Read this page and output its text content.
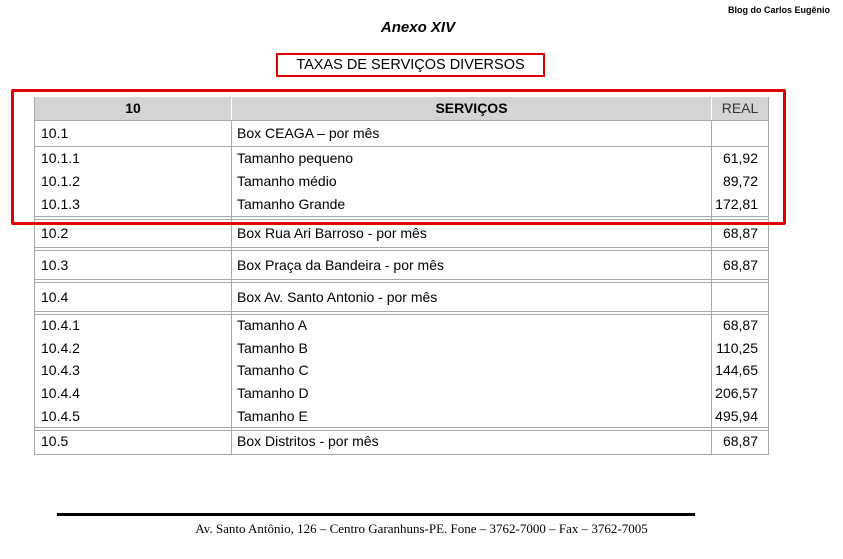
Blog do Carlos Eugênio
Anexo XIV
TAXAS DE SERVIÇOS DIVERSOS
10	SERVIÇOS	REAL
10.1	Box CEAGA – por mês
10.1.1	Tamanho pequeno	61,92
10.1.2	Tamanho médio	89,72
10.1.3	Tamanho Grande	172,81
10.2	Box Rua Ari Barroso - por mês	68,87
10.3	Box Praça da Bandeira - por mês	68,87
10.4	Box Av. Santo Antonio - por mês
10.4.1	Tamanho A	68,87
10.4.2	Tamanho B	110,25
10.4.3	Tamanho C	144,65
10.4.4	Tamanho D	206,57
10.4.5	Tamanho E	495,94
10.5	Box Distritos - por mês	68,87
Av. Santo Antônio, 126 – Centro Garanhuns-PE. Fone – 3762-7000 – Fax – 3762-7005
